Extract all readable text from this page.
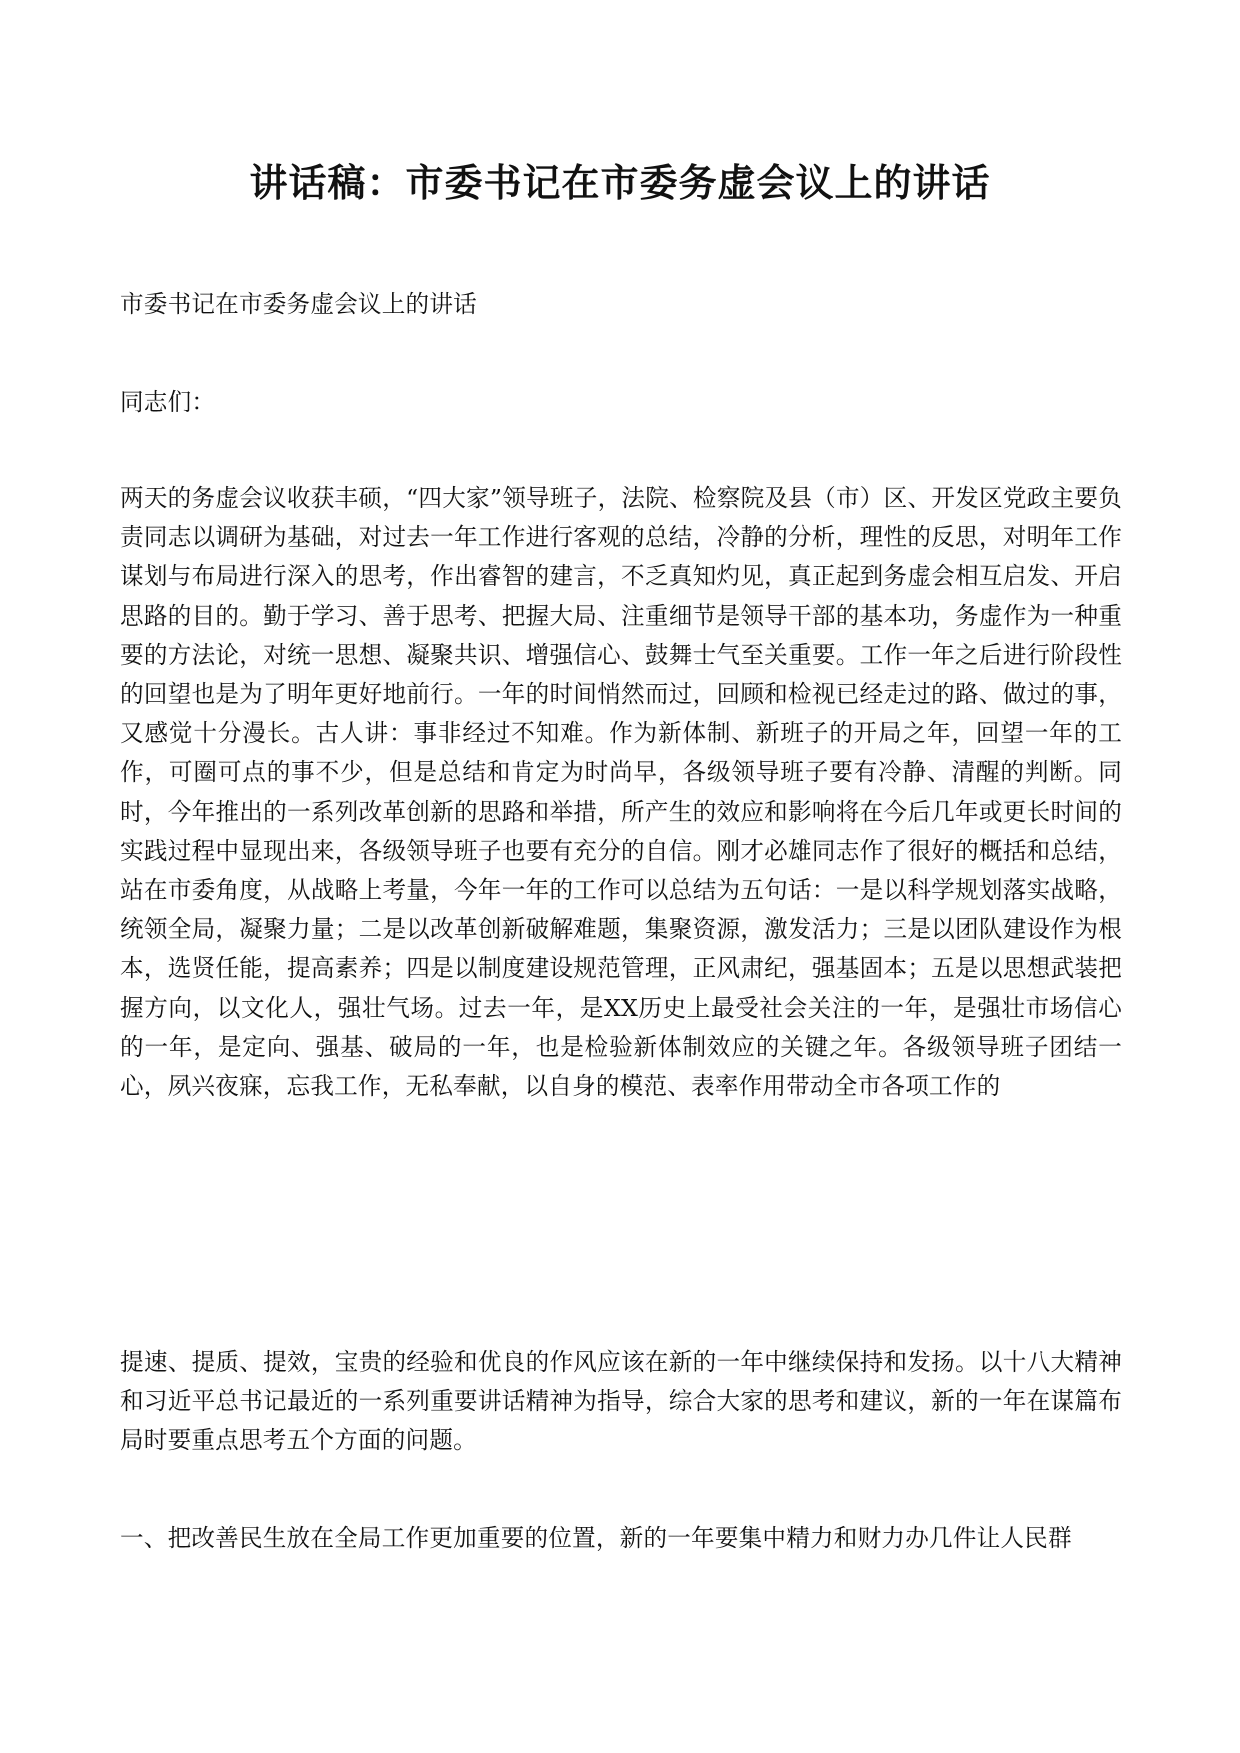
讲话稿：市委书记在市委务虚会议上的讲话

市委书记在市委务虚会议上的讲话

同志们：

两天的务虚会议收获丰硕，“四大家”领导班子，法院、检察院及县（市）区、开发区党政主要负责同志以调研为基础，对过去一年工作进行客观的总结，冷静的分析，理性的反思，对明年工作谋划与布局进行深入的思考，作出睿智的建言，不乏真知灼见，真正起到务虚会相互启发、开启思路的目的。勤于学习、善于思考、把握大局、注重细节是领导干部的基本功，务虚作为一种重要的方法论，对统一思想、凝聚共识、增强信心、鼓舞士气至关重要。工作一年之后进行阶段性的回望也是为了明年更好地前行。一年的时间悄然而过，回顾和检视已经走过的路、做过的事，又感觉十分漫长。古人讲：事非经过不知难。作为新体制、新班子的开局之年，回望一年的工作，可圈可点的事不少，但是总结和肯定为时尚早，各级领导班子要有冷静、清醒的判断。同时，今年推出的一系列改革创新的思路和举措，所产生的效应和影响将在今后几年或更长时间的实践过程中显现出来，各级领导班子也要有充分的自信。刚才必雄同志作了很好的概括和总结，站在市委角度，从战略上考量，今年一年的工作可以总结为五句话：一是以科学规划落实战略，统领全局，凝聚力量；二是以改革创新破解难题，集聚资源，激发活力；三是以团队建设作为根本，选贤任能，提高素养；四是以制度建设规范管理，正风肃纪，强基固本；五是以思想武装把握方向，以文化人，强壮气场。过去一年，是XX历史上最受社会关注的一年，是强壮市场信心的一年，是定向、强基、破局的一年，也是检验新体制效应的关键之年。各级领导班子团结一心，夙兴夜寐，忘我工作，无私奉献，以自身的模范、表率作用带动全市各项工作的

提速、提质、提效，宝贵的经验和优良的作风应该在新的一年中继续保持和发扬。以十八大精神和习近平总书记最近的一系列重要讲话精神为指导，综合大家的思考和建议，新的一年在谋篇布局时要重点思考五个方面的问题。

一、把改善民生放在全局工作更加重要的位置，新的一年要集中精力和财力办几件让人民群
